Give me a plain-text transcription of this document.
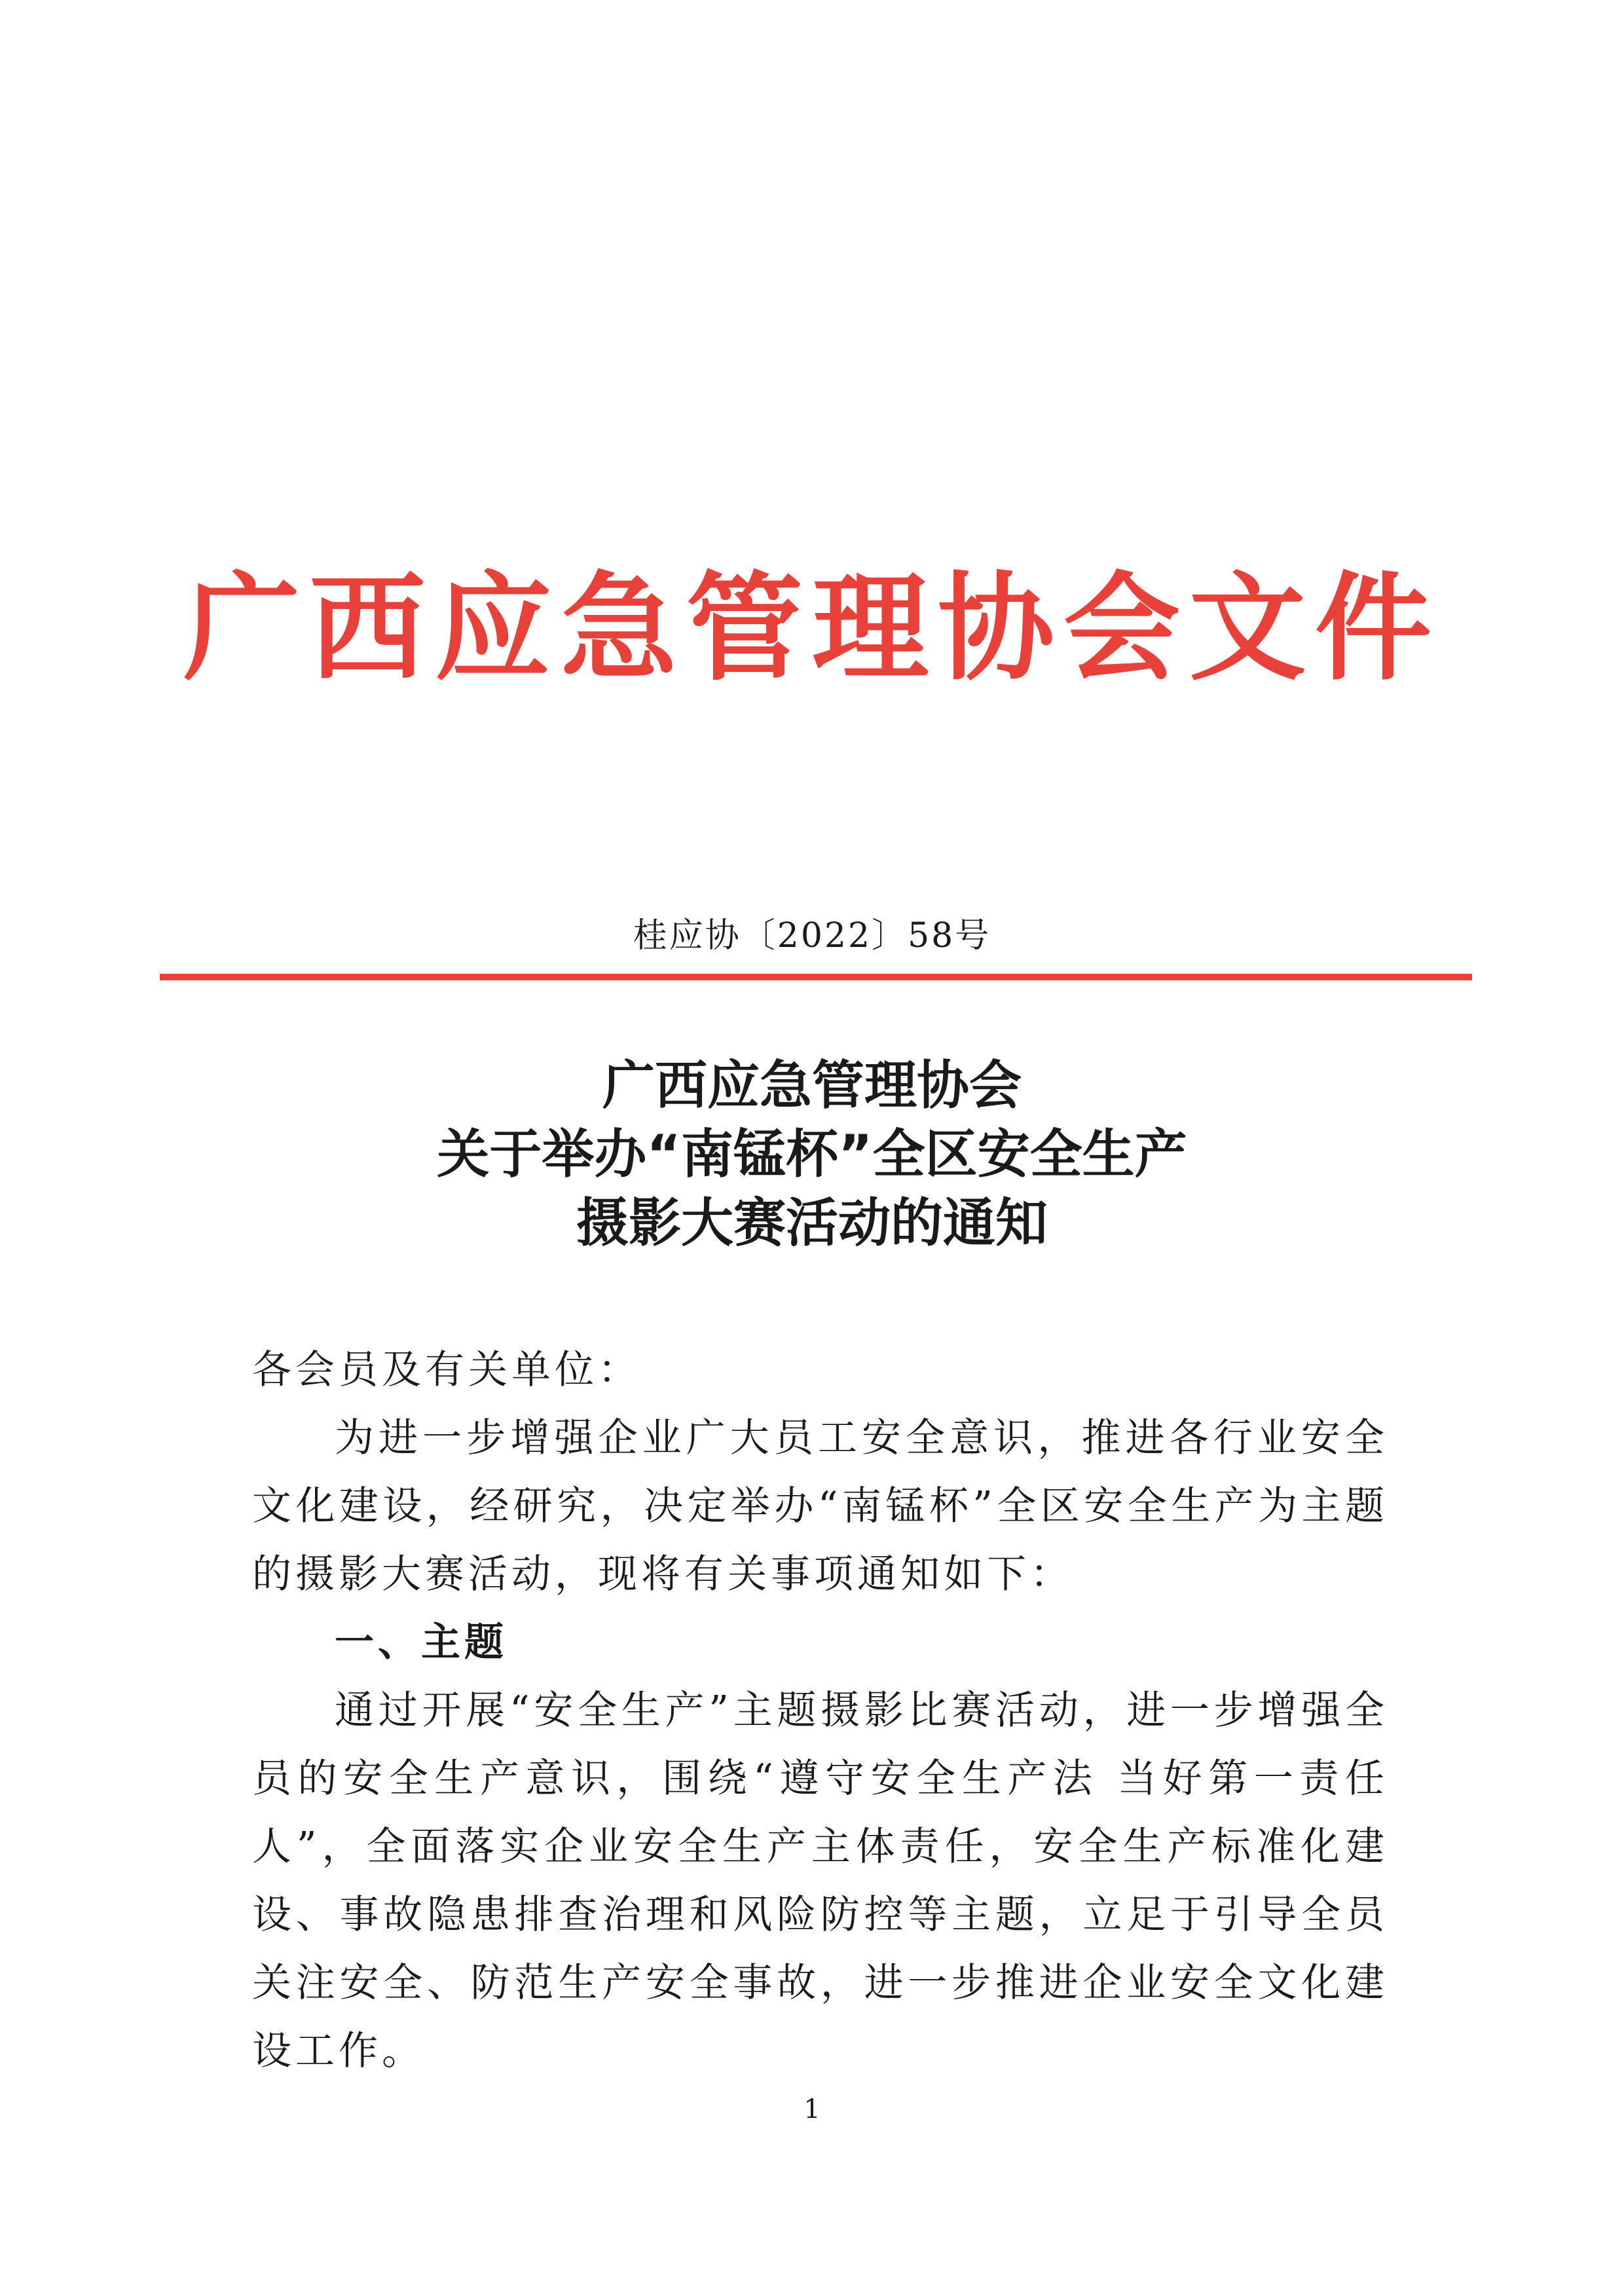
广西应急管理协会文件
桂应协〔2022〕58号
广西应急管理协会
关于举办“南锰杯”全区安全生产
摄影大赛活动的通知

各会员及有关单位：

为进一步增强企业广大员工安全意识，推进各行业安全文化建设，经研究，决定举办“南锰杯”全区安全生产为主题的摄影大赛活动，现将有关事项通知如下：

一、主题

通过开展“安全生产”主题摄影比赛活动，进一步增强全员的安全生产意识，围绕“遵守安全生产法 当好第一责任人”，全面落实企业安全生产主体责任，安全生产标准化建设、事故隐患排查治理和风险防控等主题，立足于引导全员关注安全、防范生产安全事故，进一步推进企业安全文化建设工作。

1
